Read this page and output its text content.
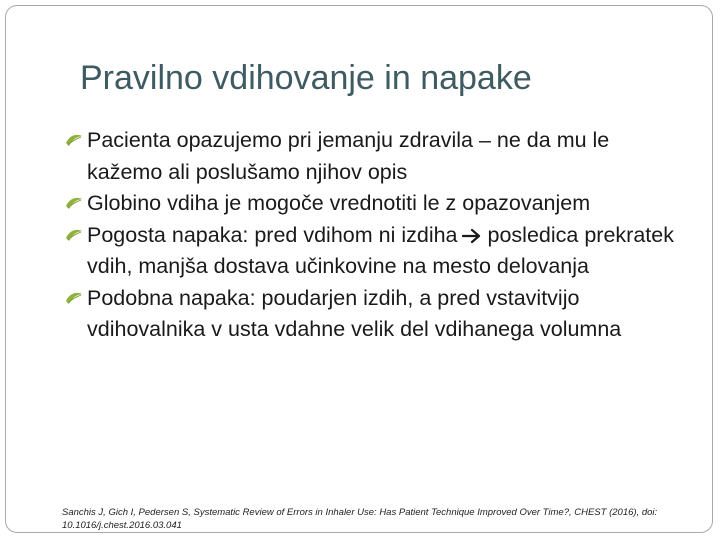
Pravilno vdihovanje in napake
Pacienta opazujemo pri jemanju zdravila – ne da mu le kažemo ali poslušamo njihov opis
Globino vdiha je mogoče vrednotiti le z opazovanjem
Pogosta napaka: pred vdihom ni izdiha posledica prekratek vdih, manjša dostava učinkovine na mesto delovanja
Podobna napaka: poudarjen izdih, a pred vstavitvijo vdihovalnika v usta vdahne velik del vdihanega volumna
Sanchis J, Gich I, Pedersen S, Systematic Review of Errors in Inhaler Use: Has Patient Technique Improved Over Time?, CHEST (2016), doi: 10.1016/j.chest.2016.03.041
